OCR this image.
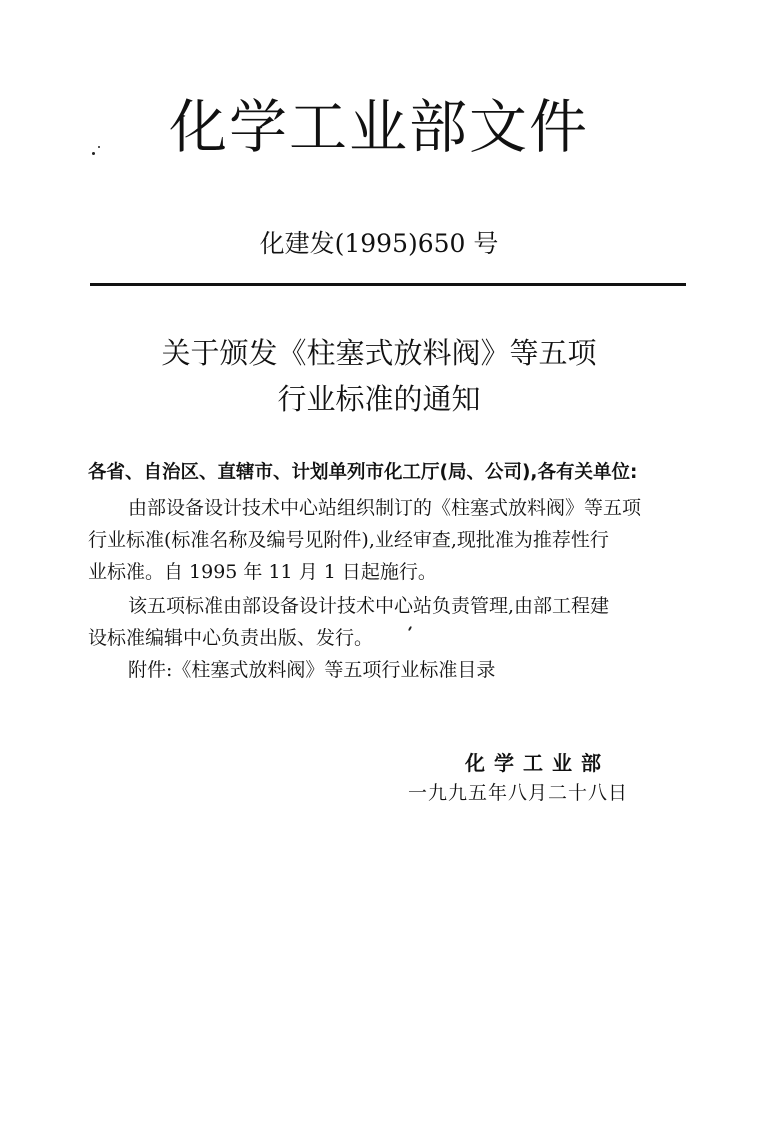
化学工业部文件
化建发(1995)650 号
关于颁发《柱塞式放料阀》等五项
行业标准的通知
各省、自治区、直辖市、计划单列市化工厅(局、公司),各有关单位:
由部设备设计技术中心站组织制订的《柱塞式放料阀》等五项
行业标准(标准名称及编号见附件),业经审查,现批准为推荐性行
业标准。自 1995 年 11 月 1 日起施行。
该五项标准由部设备设计技术中心站负责管理,由部工程建
设标准编辑中心负责出版、发行。
附件:《柱塞式放料阀》等五项行业标准目录
化学工业部
一九九五年八月二十八日
